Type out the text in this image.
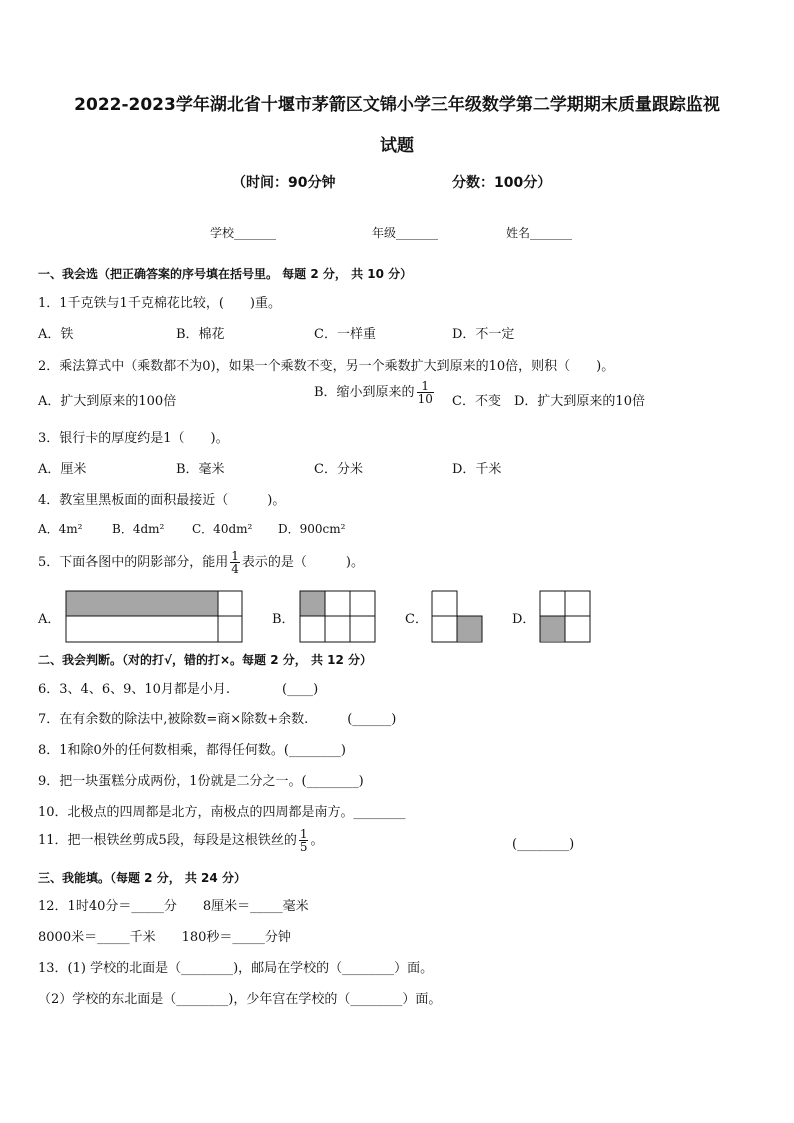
2022-2023学年湖北省十堰市茅箭区文锦小学三年级数学第二学期期末质量跟踪监视
试题
（时间：90分钟	分数：100分）
学校_______	年级_______	姓名_______
一、我会选（把正确答案的序号填在括号里。 每题 2 分， 共 10 分）
1．1千克铁与1千克棉花比较，(　　)重。
A．铁	B．棉花	C．一样重	D．不一定
2．乘法算式中（乘数都不为0)，如果一个乘数不变，另一个乘数扩大到原来的10倍，则积（　　)。
A．扩大到原来的100倍
B．缩小到原来的 $\frac{1}{10}$ C．不变 D．扩大到原来的10倍
3．银行卡的厚度约是1（　　)。
A．厘米	B．毫米	C．分米	D．千米
4．教室里黑板面的面积最接近（　　　)。
A．4m² B．4dm² C．40dm² D．900cm²
5．下面各图中的阴影部分，能用 $\frac{1}{4}$ 表示的是（　　　)。
A．	B．	C．	D．
二、我会判断。（对的打√，错的打×。每题 2 分， 共 12 分）
6．3、4、6、9、10月都是小月.　　　　(____)
7．在有余数的除法中,被除数=商×除数+余数.　　　(______)
8．1和除0外的任何数相乘，都得任何数。(________)
9．把一块蛋糕分成两份，1份就是二分之一。(________)
10．北极点的四周都是北方，南极点的四周都是南方。________
11．把一根铁丝剪成5段，每段是这根铁丝的 $\frac{1}{5}$ 。	(________)
三、我能填。（每题 2 分， 共 24 分）
12．1时40分＝_____分　　8厘米＝_____毫米
8000米＝_____千米　　180秒＝_____分钟
13．(1) 学校的北面是（________)，邮局在学校的（________）面。
（2）学校的东北面是（________)，少年宫在学校的（________）面。
